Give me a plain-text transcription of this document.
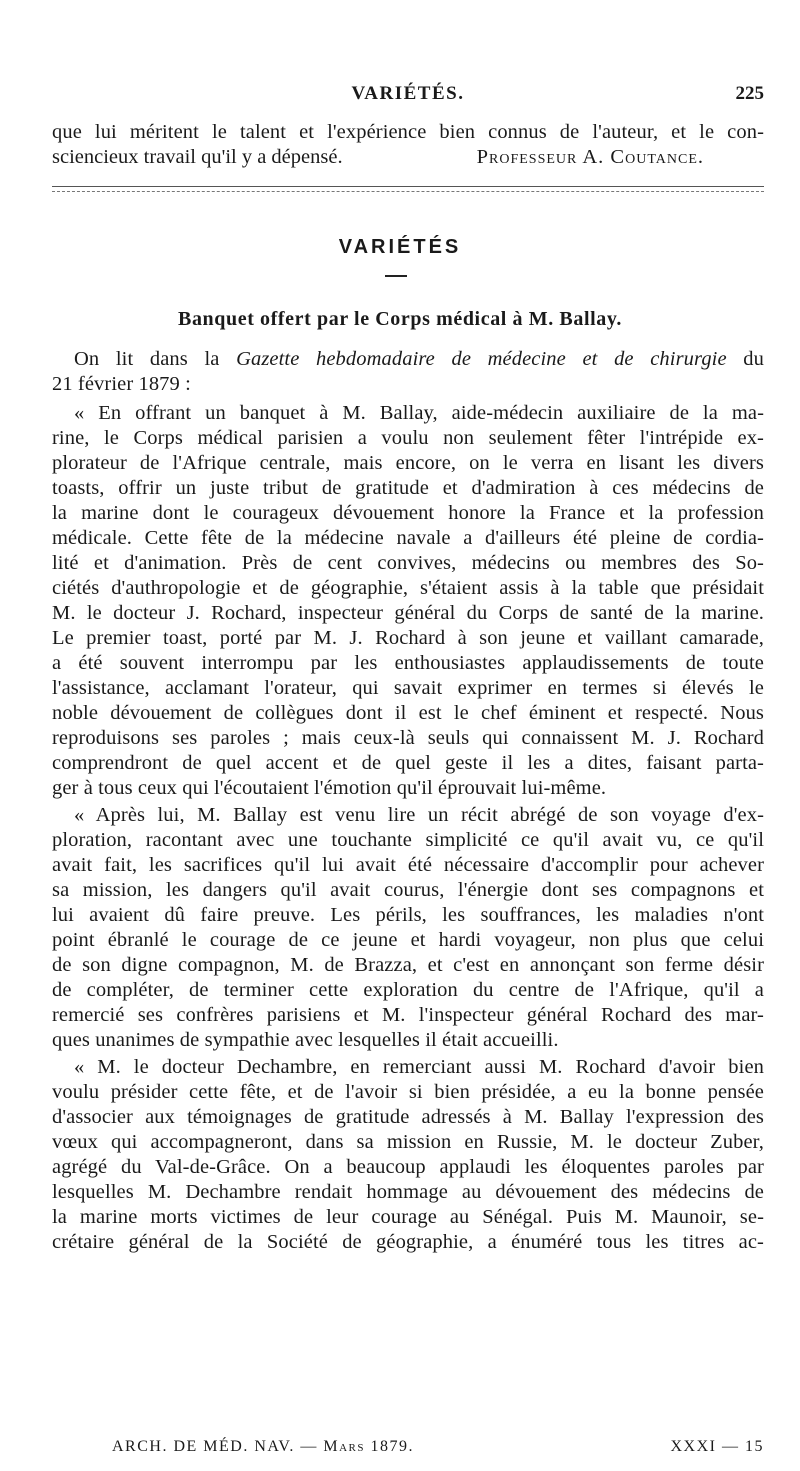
VARIÉTÉS.	225
que lui méritent le talent et l'expérience bien connus de l'auteur, et le con-
sciencieux travail qu'il y a dépensé.	Professeur A. Coutance.
VARIÉTÉS
Banquet offert par le Corps médical à M. Ballay.
On lit dans la Gazette hebdomadaire de médecine et de chirurgie du
21 février 1879 :
« En offrant un banquet à M. Ballay, aide-médecin auxiliaire de la ma-
rine, le Corps médical parisien a voulu non seulement fêter l'intrépide ex-
plorateur de l'Afrique centrale, mais encore, on le verra en lisant les divers
toasts, offrir un juste tribut de gratitude et d'admiration à ces médecins de
la marine dont le courageux dévouement honore la France et la profession
médicale. Cette fête de la médecine navale a d'ailleurs été pleine de cordia-
lité et d'animation. Près de cent convives, médecins ou membres des So-
ciétés d'authropologie et de géographie, s'étaient assis à la table que présidait
M. le docteur J. Rochard, inspecteur général du Corps de santé de la marine.
Le premier toast, porté par M. J. Rochard à son jeune et vaillant camarade,
a été souvent interrompu par les enthousiastes applaudissements de toute
l'assistance, acclamant l'orateur, qui savait exprimer en termes si élevés le
noble dévouement de collègues dont il est le chef éminent et respecté. Nous
reproduisons ses paroles ; mais ceux-là seuls qui connaissent M. J. Rochard
comprendront de quel accent et de quel geste il les a dites, faisant parta-
ger à tous ceux qui l'écoutaient l'émotion qu'il éprouvait lui-même.
« Après lui, M. Ballay est venu lire un récit abrégé de son voyage d'ex-
ploration, racontant avec une touchante simplicité ce qu'il avait vu, ce qu'il
avait fait, les sacrifices qu'il lui avait été nécessaire d'accomplir pour achever
sa mission, les dangers qu'il avait courus, l'énergie dont ses compagnons et
lui avaient dû faire preuve. Les périls, les souffrances, les maladies n'ont
point ébranlé le courage de ce jeune et hardi voyageur, non plus que celui
de son digne compagnon, M. de Brazza, et c'est en annonçant son ferme désir
de compléter, de terminer cette exploration du centre de l'Afrique, qu'il a
remercié ses confrères parisiens et M. l'inspecteur général Rochard des mar-
ques unanimes de sympathie avec lesquelles il était accueilli.
« M. le docteur Dechambre, en remerciant aussi M. Rochard d'avoir bien
voulu présider cette fête, et de l'avoir si bien présidée, a eu la bonne pensée
d'associer aux témoignages de gratitude adressés à M. Ballay l'expression des
vœux qui accompagneront, dans sa mission en Russie, M. le docteur Zuber,
agrégé du Val-de-Grâce. On a beaucoup applaudi les éloquentes paroles par
lesquelles M. Dechambre rendait hommage au dévouement des médecins de
la marine morts victimes de leur courage au Sénégal. Puis M. Maunoir, se-
crétaire général de la Société de géographie, a énuméré tous les titres ac-
ARCH. DE MÉD. NAV. — Mars 1879.	XXXI — 15
